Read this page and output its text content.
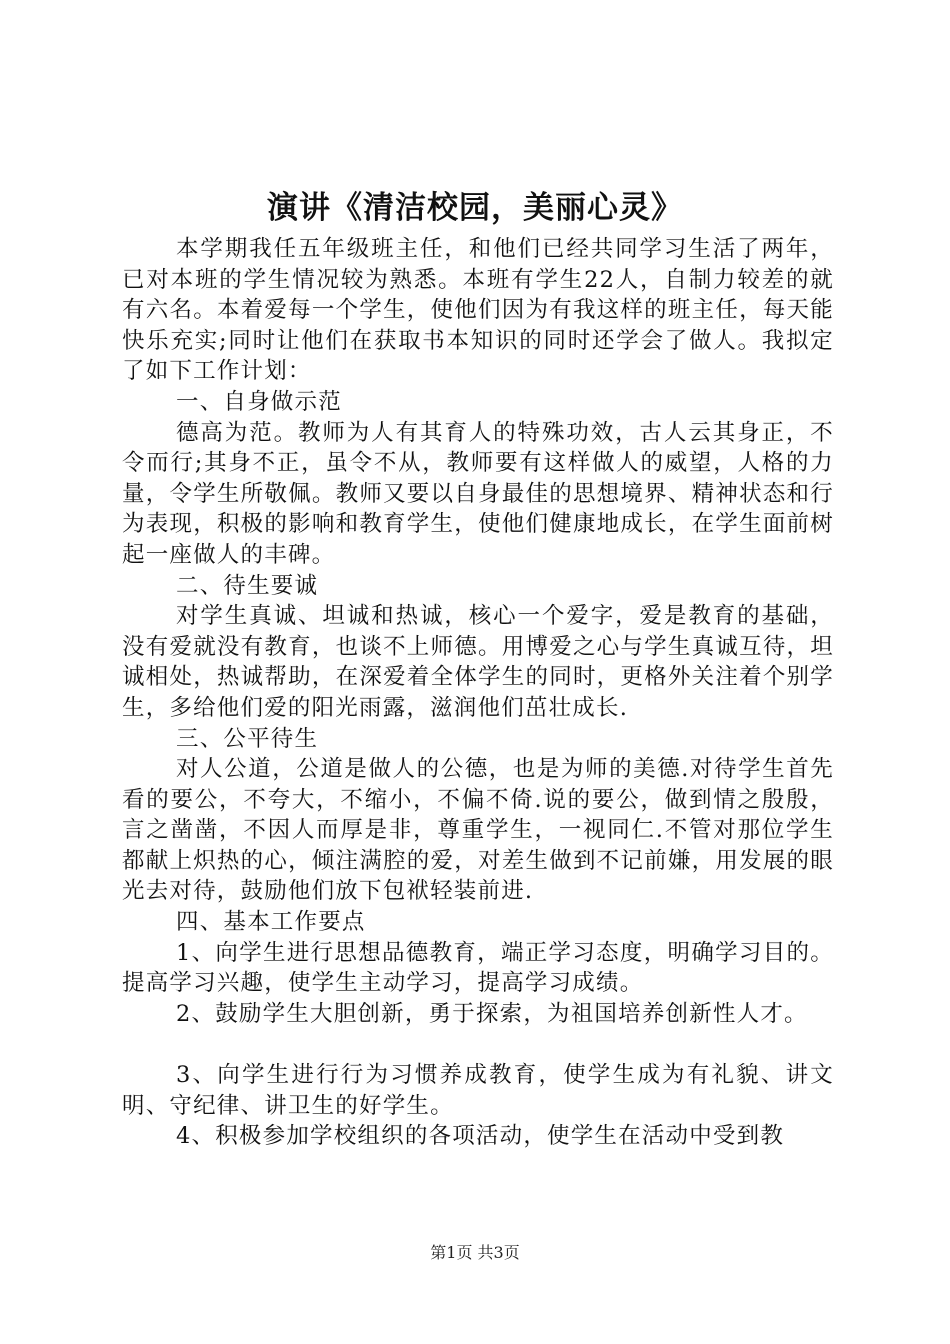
演讲《清洁校园，美丽心灵》

本学期我任五年级班主任，和他们已经共同学习生活了两年，已对本班的学生情况较为熟悉。本班有学生22人，自制力较差的就有六名。本着爱每一个学生，使他们因为有我这样的班主任，每天能快乐充实;同时让他们在获取书本知识的同时还学会了做人。我拟定了如下工作计划：

一、自身做示范

德高为范。教师为人有其育人的特殊功效，古人云其身正，不令而行;其身不正，虽令不从，教师要有这样做人的威望，人格的力量，令学生所敬佩。教师又要以自身最佳的思想境界、精神状态和行为表现，积极的影响和教育学生，使他们健康地成长，在学生面前树起一座做人的丰碑。

二、待生要诚

对学生真诚、坦诚和热诚，核心一个爱字，爱是教育的基础，没有爱就没有教育，也谈不上师德。用博爱之心与学生真诚互待，坦诚相处，热诚帮助，在深爱着全体学生的同时，更格外关注着个别学生，多给他们爱的阳光雨露，滋润他们茁壮成长.

三、公平待生

对人公道，公道是做人的公德，也是为师的美德.对待学生首先看的要公，不夸大，不缩小，不偏不倚.说的要公，做到情之殷殷，言之凿凿，不因人而厚是非，尊重学生，一视同仁.不管对那位学生都献上炽热的心，倾注满腔的爱，对差生做到不记前嫌，用发展的眼光去对待，鼓励他们放下包袱轻装前进.

四、基本工作要点

1、向学生进行思想品德教育，端正学习态度，明确学习目的。提高学习兴趣，使学生主动学习，提高学习成绩。

2、鼓励学生大胆创新，勇于探索，为祖国培养创新性人才。

3、向学生进行行为习惯养成教育，使学生成为有礼貌、讲文明、守纪律、讲卫生的好学生。

4、积极参加学校组织的各项活动，使学生在活动中受到教

第1页 共3页
